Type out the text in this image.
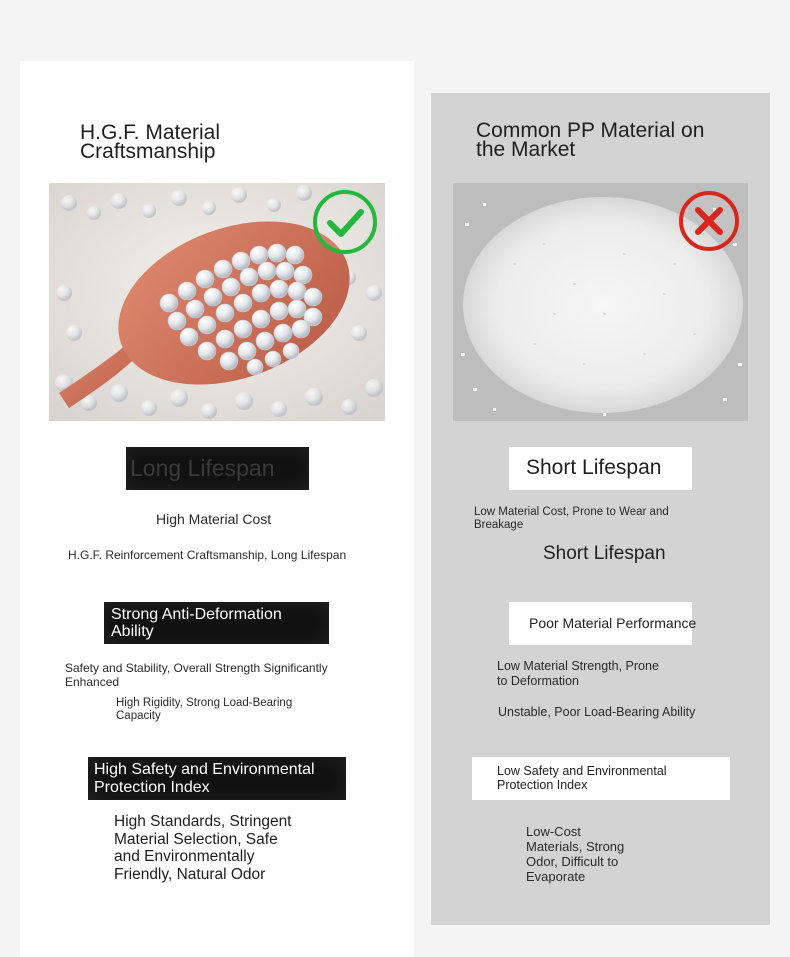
H.G.F. Material
Craftsmanship
Long Lifespan
High Material Cost
H.G.F. Reinforcement Craftsmanship, Long Lifespan
Strong Anti-Deformation
Ability
Safety and Stability, Overall Strength Significantly
Enhanced
High Rigidity, Strong Load-Bearing
Capacity
High Safety and Environmental
Protection Index
High Standards, Stringent
Material Selection, Safe
and Environmentally
Friendly, Natural Odor
Common PP Material on
the Market
Short Lifespan
Low Material Cost, Prone to Wear and
Breakage
Short Lifespan
Poor Material Performance
Low Material Strength, Prone
to Deformation
Unstable, Poor Load-Bearing Ability
Low Safety and Environmental
Protection Index
Low-Cost
Materials, Strong
Odor, Difficult to
Evaporate
